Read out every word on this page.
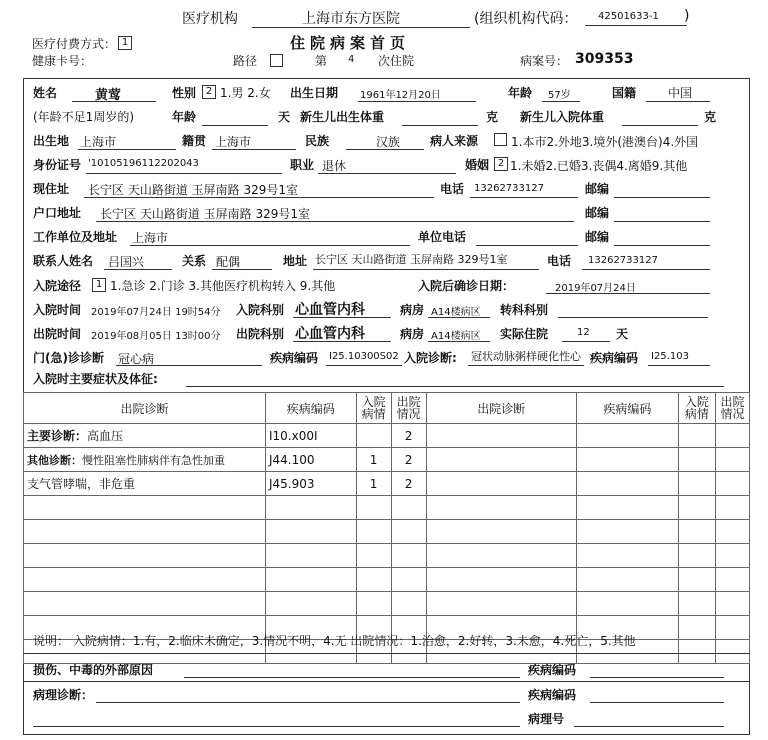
医疗机构	上海市东方医院	(组织机构代码： 42501633-1 )
医疗付费方式： 1	住院病案首页
健康卡号：	路径	第 4 次住院	病案号： 309353
姓名	黄莺	性别 2 1.男 2.女 出生日期 1961年12月20日	年龄 57岁	国籍	中国
(年龄不足1周岁的)	年龄	天 新生儿出生体重	克 新生儿入院体重	克
出生地 上海市	籍贯 上海市	民族	汉族 病人来源	1.本市2.外地3.境外(港澳台)4.外国
身份证号 '101051961122020​43	职业 退休	婚姻 2 1.未婚2.已婚3.丧偶4.离婚9.其他
现住址 长宁区 天山路街道 玉屏南路 329号1室	电话 13262733127	邮编
户口地址 长宁区 天山路街道 玉屏南路 329号1室	邮编
工作单位及地址 上海市	单位电话	邮编
联系人姓名 吕国兴	关系 配偶	地址 长宁区 天山路街道 玉屏南路 329号1室	电话 13262733127
入院途径	1 1.急诊 2.门诊 3.其他医疗机构转入 9.其他	入院后确诊日期：	2019年07月24日
入院时间 2019年07月24日 19时54分 入院科别 心血管内科	病房 A14楼病区 转科科别
出院时间 2019年08月05日 13时00分 出院科别 心血管内科	病房 A14楼病区 实际住院	12 天
门(急)诊诊断 冠心病	疾病编码 I25.10300S02 入院诊断: 冠状动脉粥样硬化性心 疾病编码 I25.103
入院时主要症状及体征:
出院诊断	疾病编码	入院病情	出院情况	出院诊断	疾病编码	入院病情	出院情况
主要诊断：高血压	I10.x00I		2				
其他诊断：慢性阻塞性肺病伴有急性加重	J44.100	1	2				
支气管哮喘，非危重	J45.903	1	2				

说明： 入院病情：1.有，2.临床未确定，3.情况不明，4.无 出院情况：1.治愈，2.好转，3.未愈，4.死亡，5.其他
损伤、中毒的外部原因	疾病编码
病理诊断：	疾病编码
病理号
